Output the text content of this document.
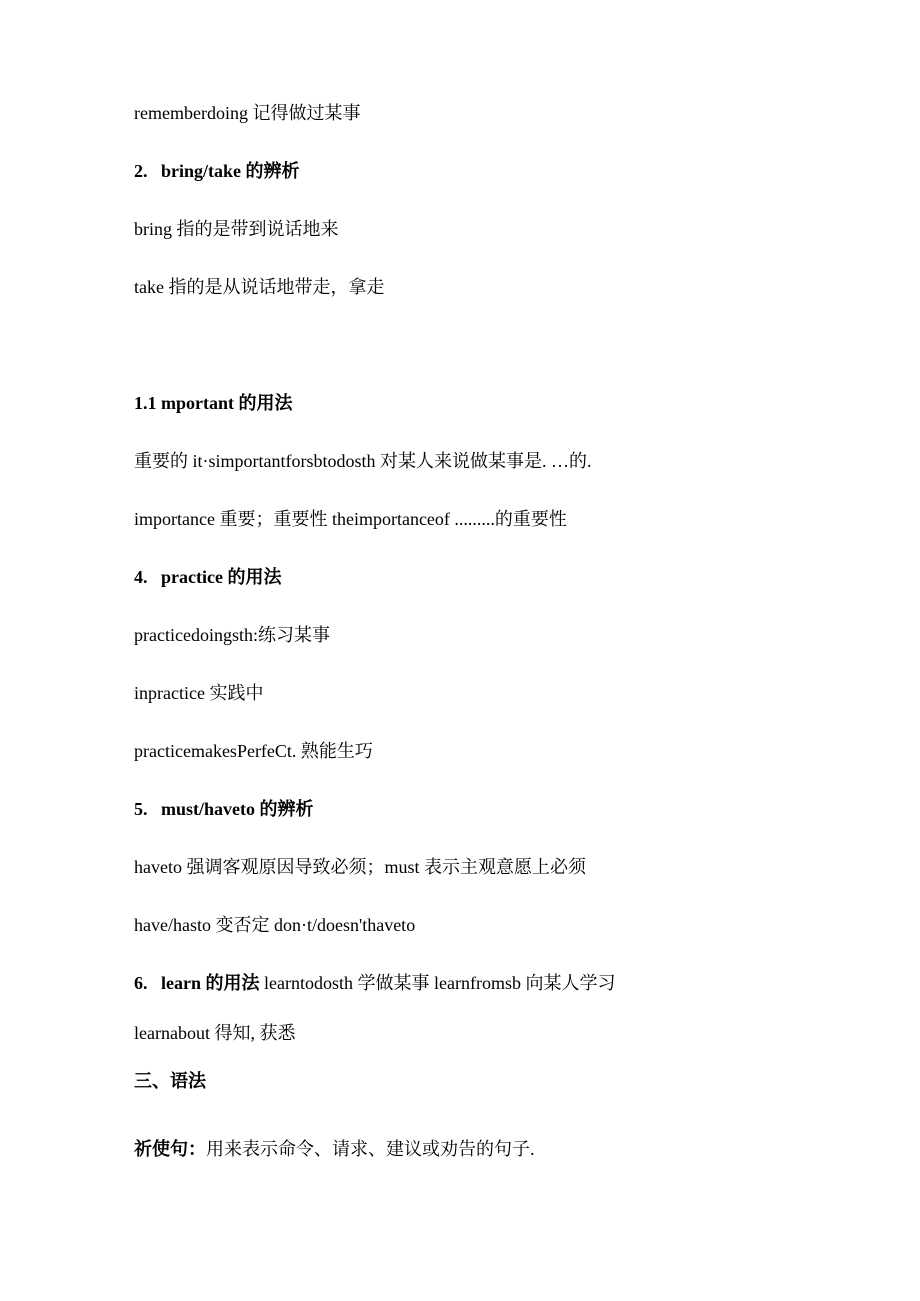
rememberdoing 记得做过某事
2. bring/take 的辨析
bring 指的是带到说话地来
take 指的是从说话地带走，拿走
1.1 mportant 的用法
重要的 it·simportantforsbtodosth 对某人来说做某事是. …的.
importance 重要；重要性 theimportanceof .........的重要性
4. practice 的用法
practicedoingsth:练习某事
inpractice 实践中
practicemakesPerfeCt. 熟能生巧
5. must/haveto 的辨析
haveto 强调客观原因导致必须；must 表示主观意愿上必须
have/hasto 变否定 don·t/doesn'thaveto
6. learn 的用法 learntodosth 学做某事 learnfromsb 向某人学习
learnabout 得知, 获悉
三、语法
祈使句：用来表示命令、请求、建议或劝告的句子.
